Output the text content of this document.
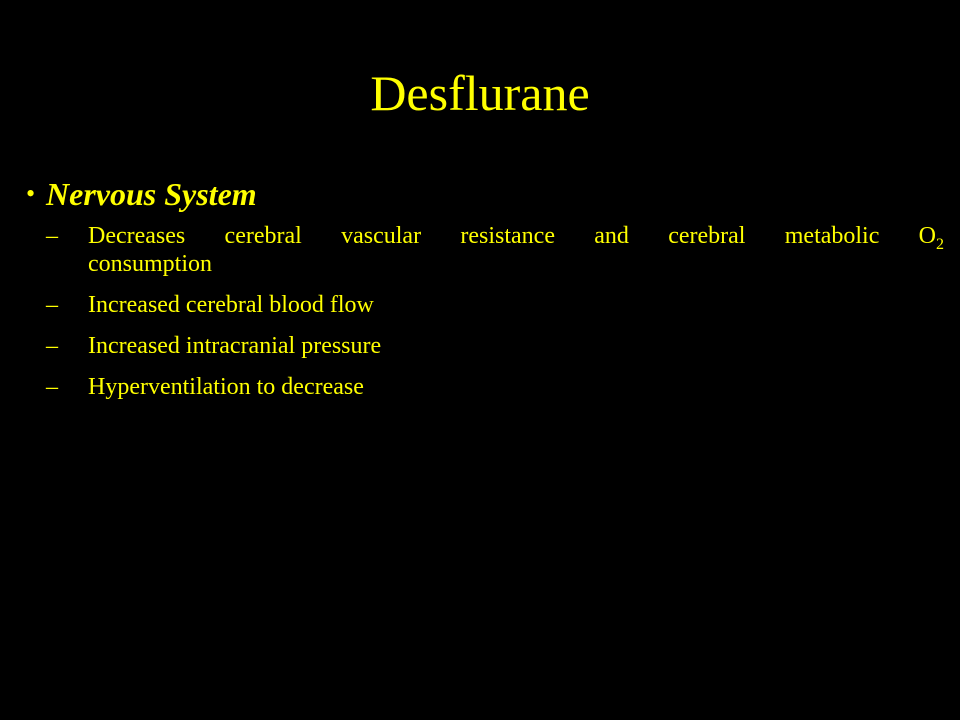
Desflurane
• Nervous System
– Decreases cerebral vascular resistance and cerebral metabolic $O_2$
consumption
– Increased cerebral blood flow
– Increased intracranial pressure
– Hyperventilation to decrease
